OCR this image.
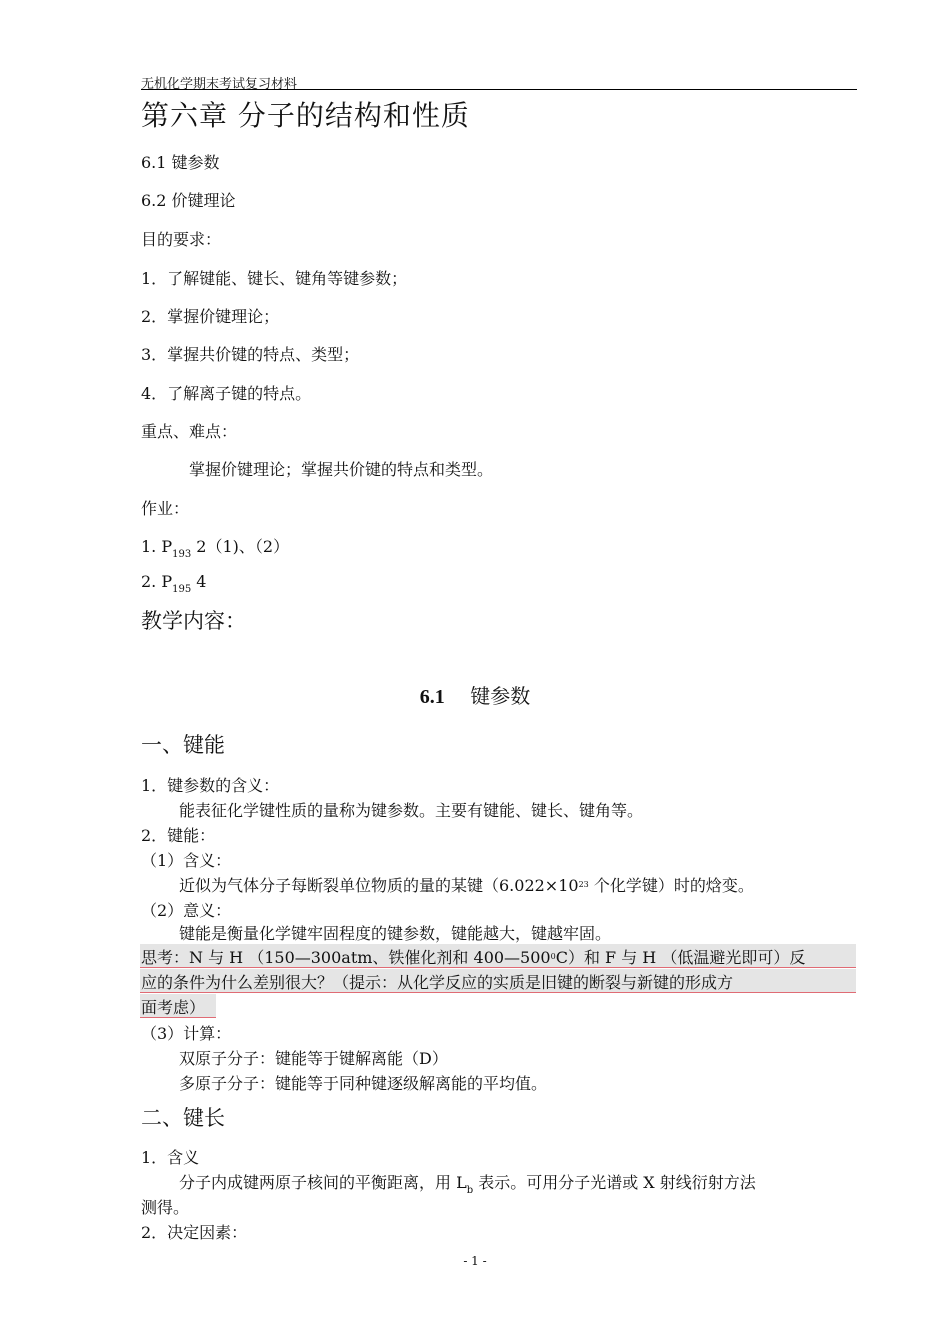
无机化学期末考试复习材料
第六章 分子的结构和性质
6.1 键参数
6.2 价键理论
目的要求：
1．了解键能、键长、键角等键参数；
2．掌握价键理论；
3．掌握共价键的特点、类型；
4．了解离子键的特点。
重点、难点：
掌握价键理论；掌握共价键的特点和类型。
作业：
1. $P_{193}$ 2（1)、（2）
2. $P_{195}$ 4
教学内容：
6.1 键参数
一、键能
1．键参数的含义：
能表征化学键性质的量称为键参数。主要有键能、键长、键角等。
2．键能：
（1）含义：
近似为气体分子每断裂单位物质的量的某键（$6.022\times 10^{23}$ 个化学键）时的焓变。
（2）意义：
键能是衡量化学键牢固程度的键参数，键能越大，键越牢固。
思考：N 与 H （150—300atm、铁催化剂和 $400—500^0C$）和 F 与 H （低温避光即可）反
应的条件为什么差别很大？（提示：从化学反应的实质是旧键的断裂与新键的形成方
面考虑）
（3）计算：
双原子分子：键能等于键解离能（D）
多原子分子：键能等于同种键逐级解离能的平均值。
二、键长
1．含义
分子内成键两原子核间的平衡距离，用 $L_b$ 表示。可用分子光谱或 X 射线衍射方法
测得。
2．决定因素：
- 1 -
